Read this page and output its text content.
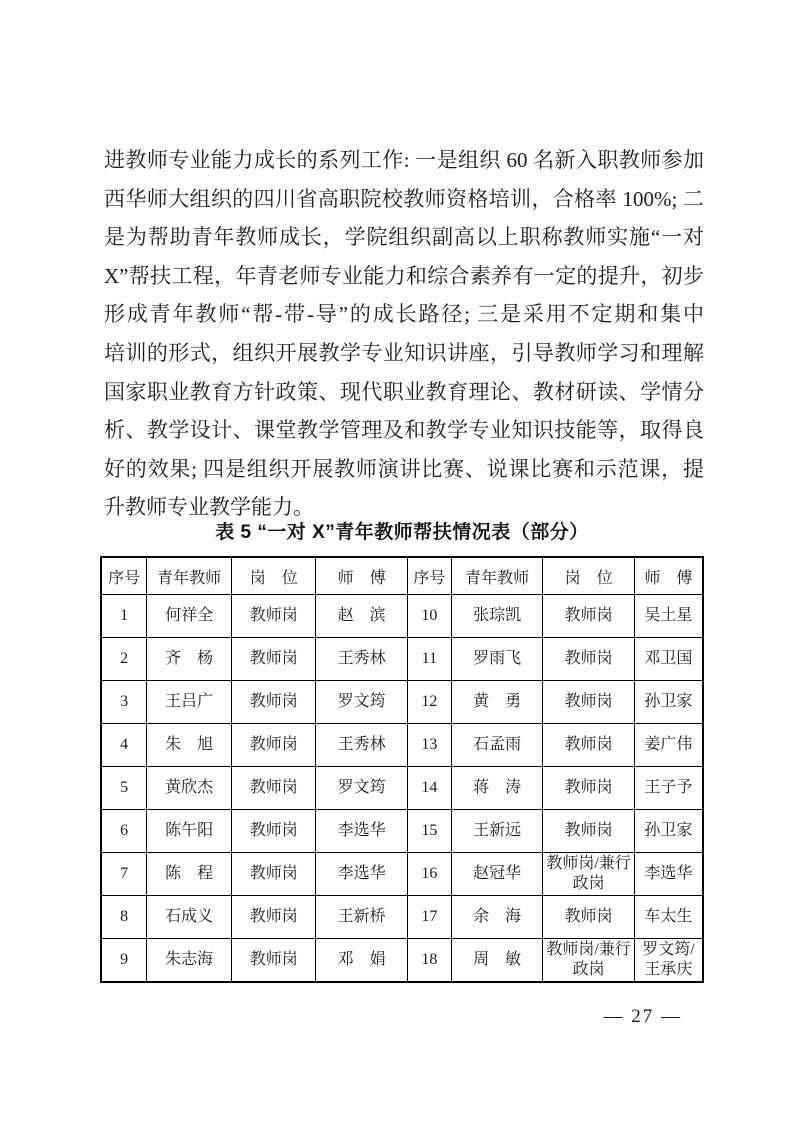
进教师专业能力成长的系列工作: 一是组织 60 名新入职教师参加
西华师大组织的四川省高职院校教师资格培训，合格率 100%; 二
是为帮助青年教师成长，学院组织副高以上职称教师实施“一对
X”帮扶工程，年青老师专业能力和综合素养有一定的提升，初步
形成青年教师“帮-带-导”的成长路径; 三是采用不定期和集中
培训的形式，组织开展教学专业知识讲座，引导教师学习和理解
国家职业教育方针政策、现代职业教育理论、教材研读、学情分
析、教学设计、课堂教学管理及和教学专业知识技能等，取得良
好的效果; 四是组织开展教师演讲比赛、说课比赛和示范课，提
升教师专业教学能力。
表 5 “一对 X”青年教师帮扶情况表（部分）
序号	青年教师	岗　位	师　傅	序号	青年教师	岗　位	师　傅
1	何祥全	教师岗	赵　滨	10	张琮凯	教师岗	吴土星
2	齐　杨	教师岗	王秀林	11	罗雨飞	教师岗	邓卫国
3	王吕广	教师岗	罗文筠	12	黄　勇	教师岗	孙卫家
4	朱　旭	教师岗	王秀林	13	石孟雨	教师岗	姜广伟
5	黄欣杰	教师岗	罗文筠	14	蒋　涛	教师岗	王子予
6	陈午阳	教师岗	李选华	15	王新远	教师岗	孙卫家
7	陈　程	教师岗	李选华	16	赵冠华	教师岗/兼行政岗	李选华
8	石成义	教师岗	王新桥	17	余　海	教师岗	车太生
9	朱志海	教师岗	邓　娟	18	周　敏	教师岗/兼行政岗	罗文筠/王承庆
— 27 —
